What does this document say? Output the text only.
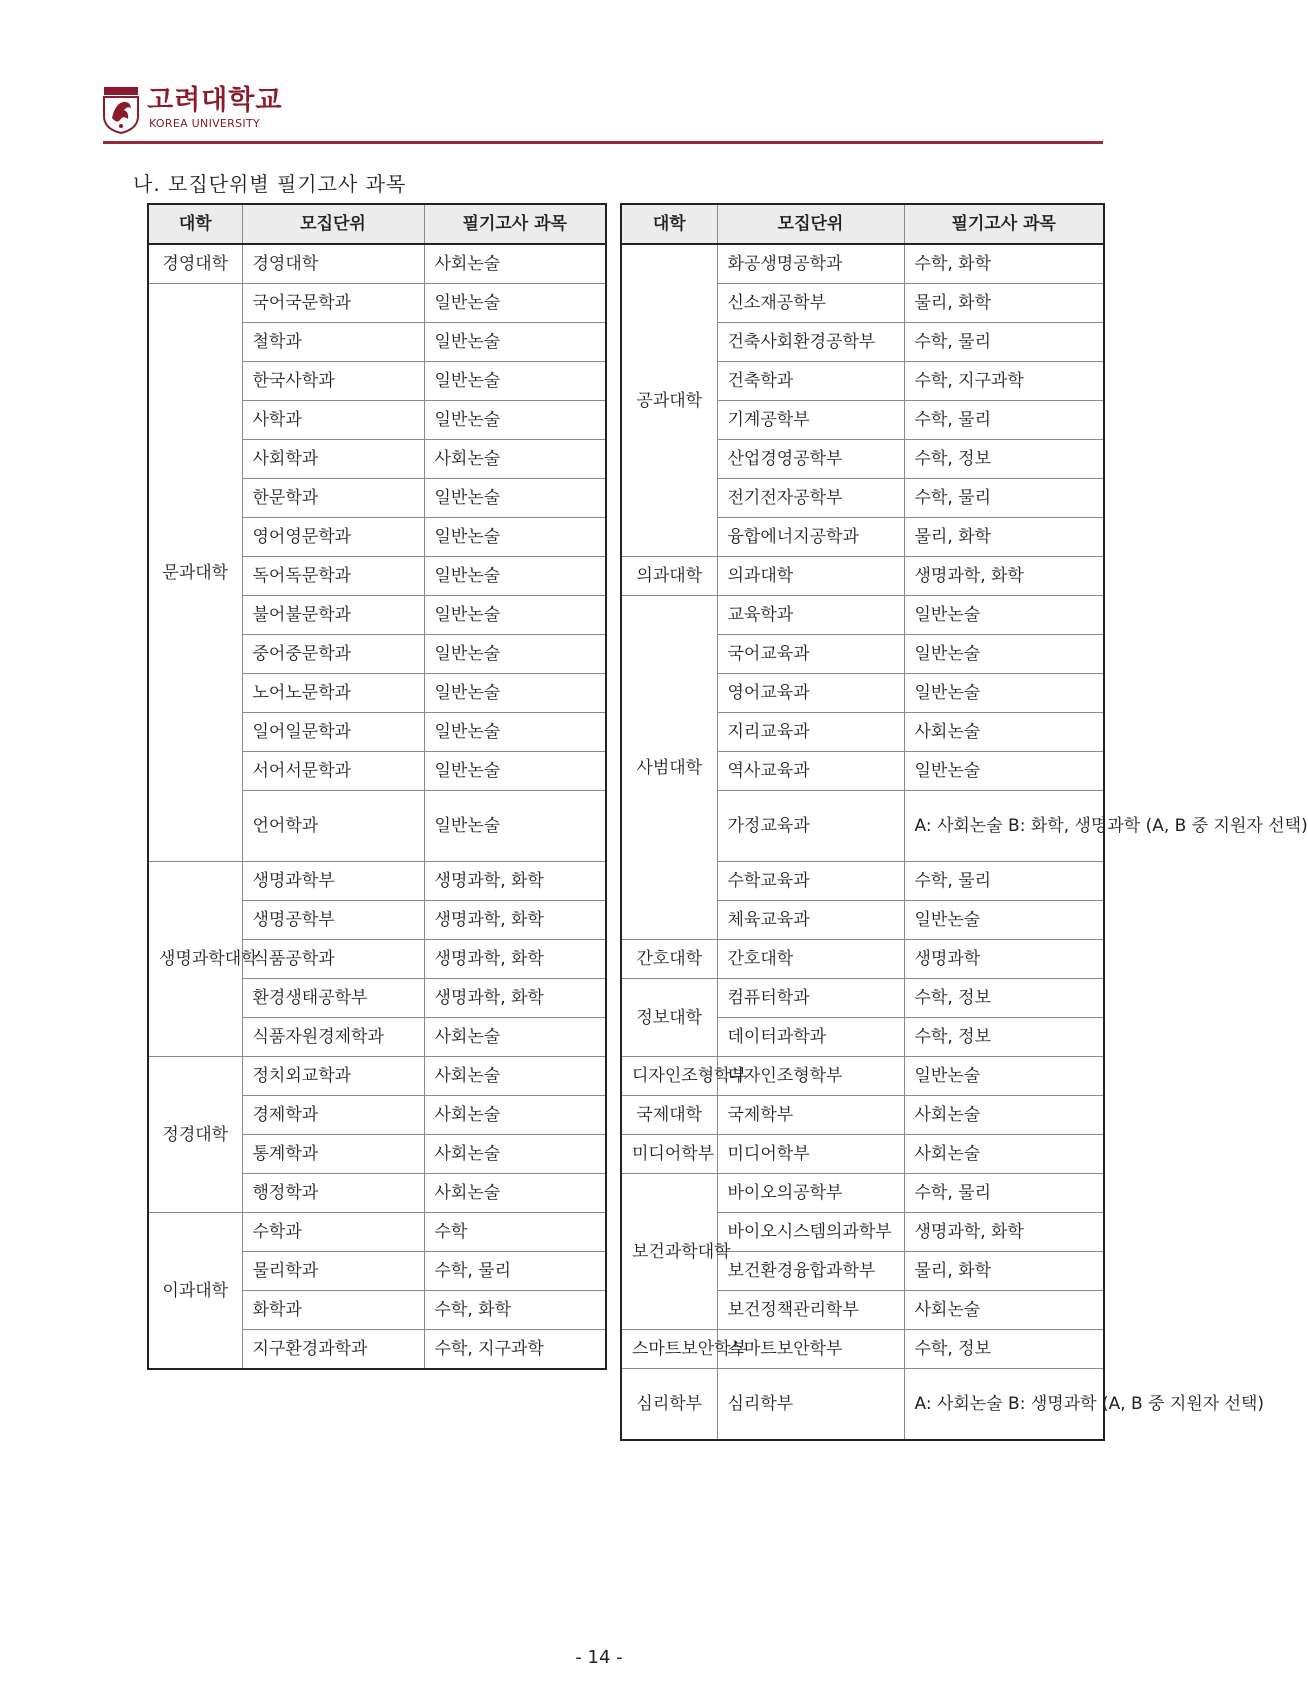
고려대학교
KOREA UNIVERSITY
나. 모집단위별 필기고사 과목
대학	모집단위	필기고사 과목
경영대학	경영대학	사회논술
문과대학	국어국문학과	일반논술
	철학과	일반논술
	한국사학과	일반논술
	사학과	일반논술
	사회학과	사회논술
	한문학과	일반논술
	영어영문학과	일반논술
	독어독문학과	일반논술
	불어불문학과	일반논술
	중어중문학과	일반논술
	노어노문학과	일반논술
	일어일문학과	일반논술
	서어서문학과	일반논술
	언어학과	일반논술
생명과학대학	생명과학부	생명과학, 화학
	생명공학부	생명과학, 화학
	식품공학과	생명과학, 화학
	환경생태공학부	생명과학, 화학
	식품자원경제학과	사회논술
정경대학	정치외교학과	사회논술
	경제학과	사회논술
	통계학과	사회논술
	행정학과	사회논술
이과대학	수학과	수학
	물리학과	수학, 물리
	화학과	수학, 화학
	지구환경과학과	수학, 지구과학
대학	모집단위	필기고사 과목
공과대학	화공생명공학과	수학, 화학
	신소재공학부	물리, 화학
	건축사회환경공학부	수학, 물리
	건축학과	수학, 지구과학
	기계공학부	수학, 물리
	산업경영공학부	수학, 정보
	전기전자공학부	수학, 물리
	융합에너지공학과	물리, 화학
의과대학	의과대학	생명과학, 화학
사범대학	교육학과	일반논술
	국어교육과	일반논술
	영어교육과	일반논술
	지리교육과	사회논술
	역사교육과	일반논술
	가정교육과	A: 사회논술 B: 화학, 생명과학 (A, B 중 지원자 선택)
	수학교육과	수학, 물리
	체육교육과	일반논술
간호대학	간호대학	생명과학
정보대학	컴퓨터학과	수학, 정보
	데이터과학과	수학, 정보
디자인조형학부	디자인조형학부	일반논술
국제대학	국제학부	사회논술
미디어학부	미디어학부	사회논술
보건과학대학	바이오의공학부	수학, 물리
	바이오시스템의과학부	생명과학, 화학
	보건환경융합과학부	물리, 화학
	보건정책관리학부	사회논술
스마트보안학부	스마트보안학부	수학, 정보
심리학부	심리학부	A: 사회논술 B: 생명과학 (A, B 중 지원자 선택)
- 14 -
